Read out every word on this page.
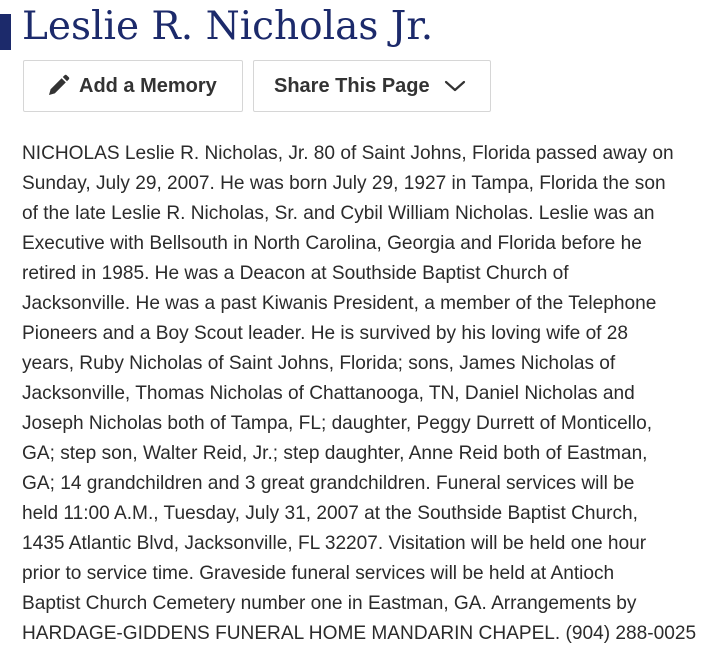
Leslie R. Nicholas Jr.
Add a Memory	Share This Page

NICHOLAS Leslie R. Nicholas, Jr. 80 of Saint Johns, Florida passed away on
Sunday, July 29, 2007. He was born July 29, 1927 in Tampa, Florida the son
of the late Leslie R. Nicholas, Sr. and Cybil William Nicholas. Leslie was an
Executive with Bellsouth in North Carolina, Georgia and Florida before he
retired in 1985. He was a Deacon at Southside Baptist Church of
Jacksonville. He was a past Kiwanis President, a member of the Telephone
Pioneers and a Boy Scout leader. He is survived by his loving wife of 28
years, Ruby Nicholas of Saint Johns, Florida; sons, James Nicholas of
Jacksonville, Thomas Nicholas of Chattanooga, TN, Daniel Nicholas and
Joseph Nicholas both of Tampa, FL; daughter, Peggy Durrett of Monticello,
GA; step son, Walter Reid, Jr.; step daughter, Anne Reid both of Eastman,
GA; 14 grandchildren and 3 great grandchildren. Funeral services will be
held 11:00 A.M., Tuesday, July 31, 2007 at the Southside Baptist Church,
1435 Atlantic Blvd, Jacksonville, FL 32207. Visitation will be held one hour
prior to service time. Graveside funeral services will be held at Antioch
Baptist Church Cemetery number one in Eastman, GA. Arrangements by
HARDAGE-GIDDENS FUNERAL HOME MANDARIN CHAPEL. (904) 288-0025
